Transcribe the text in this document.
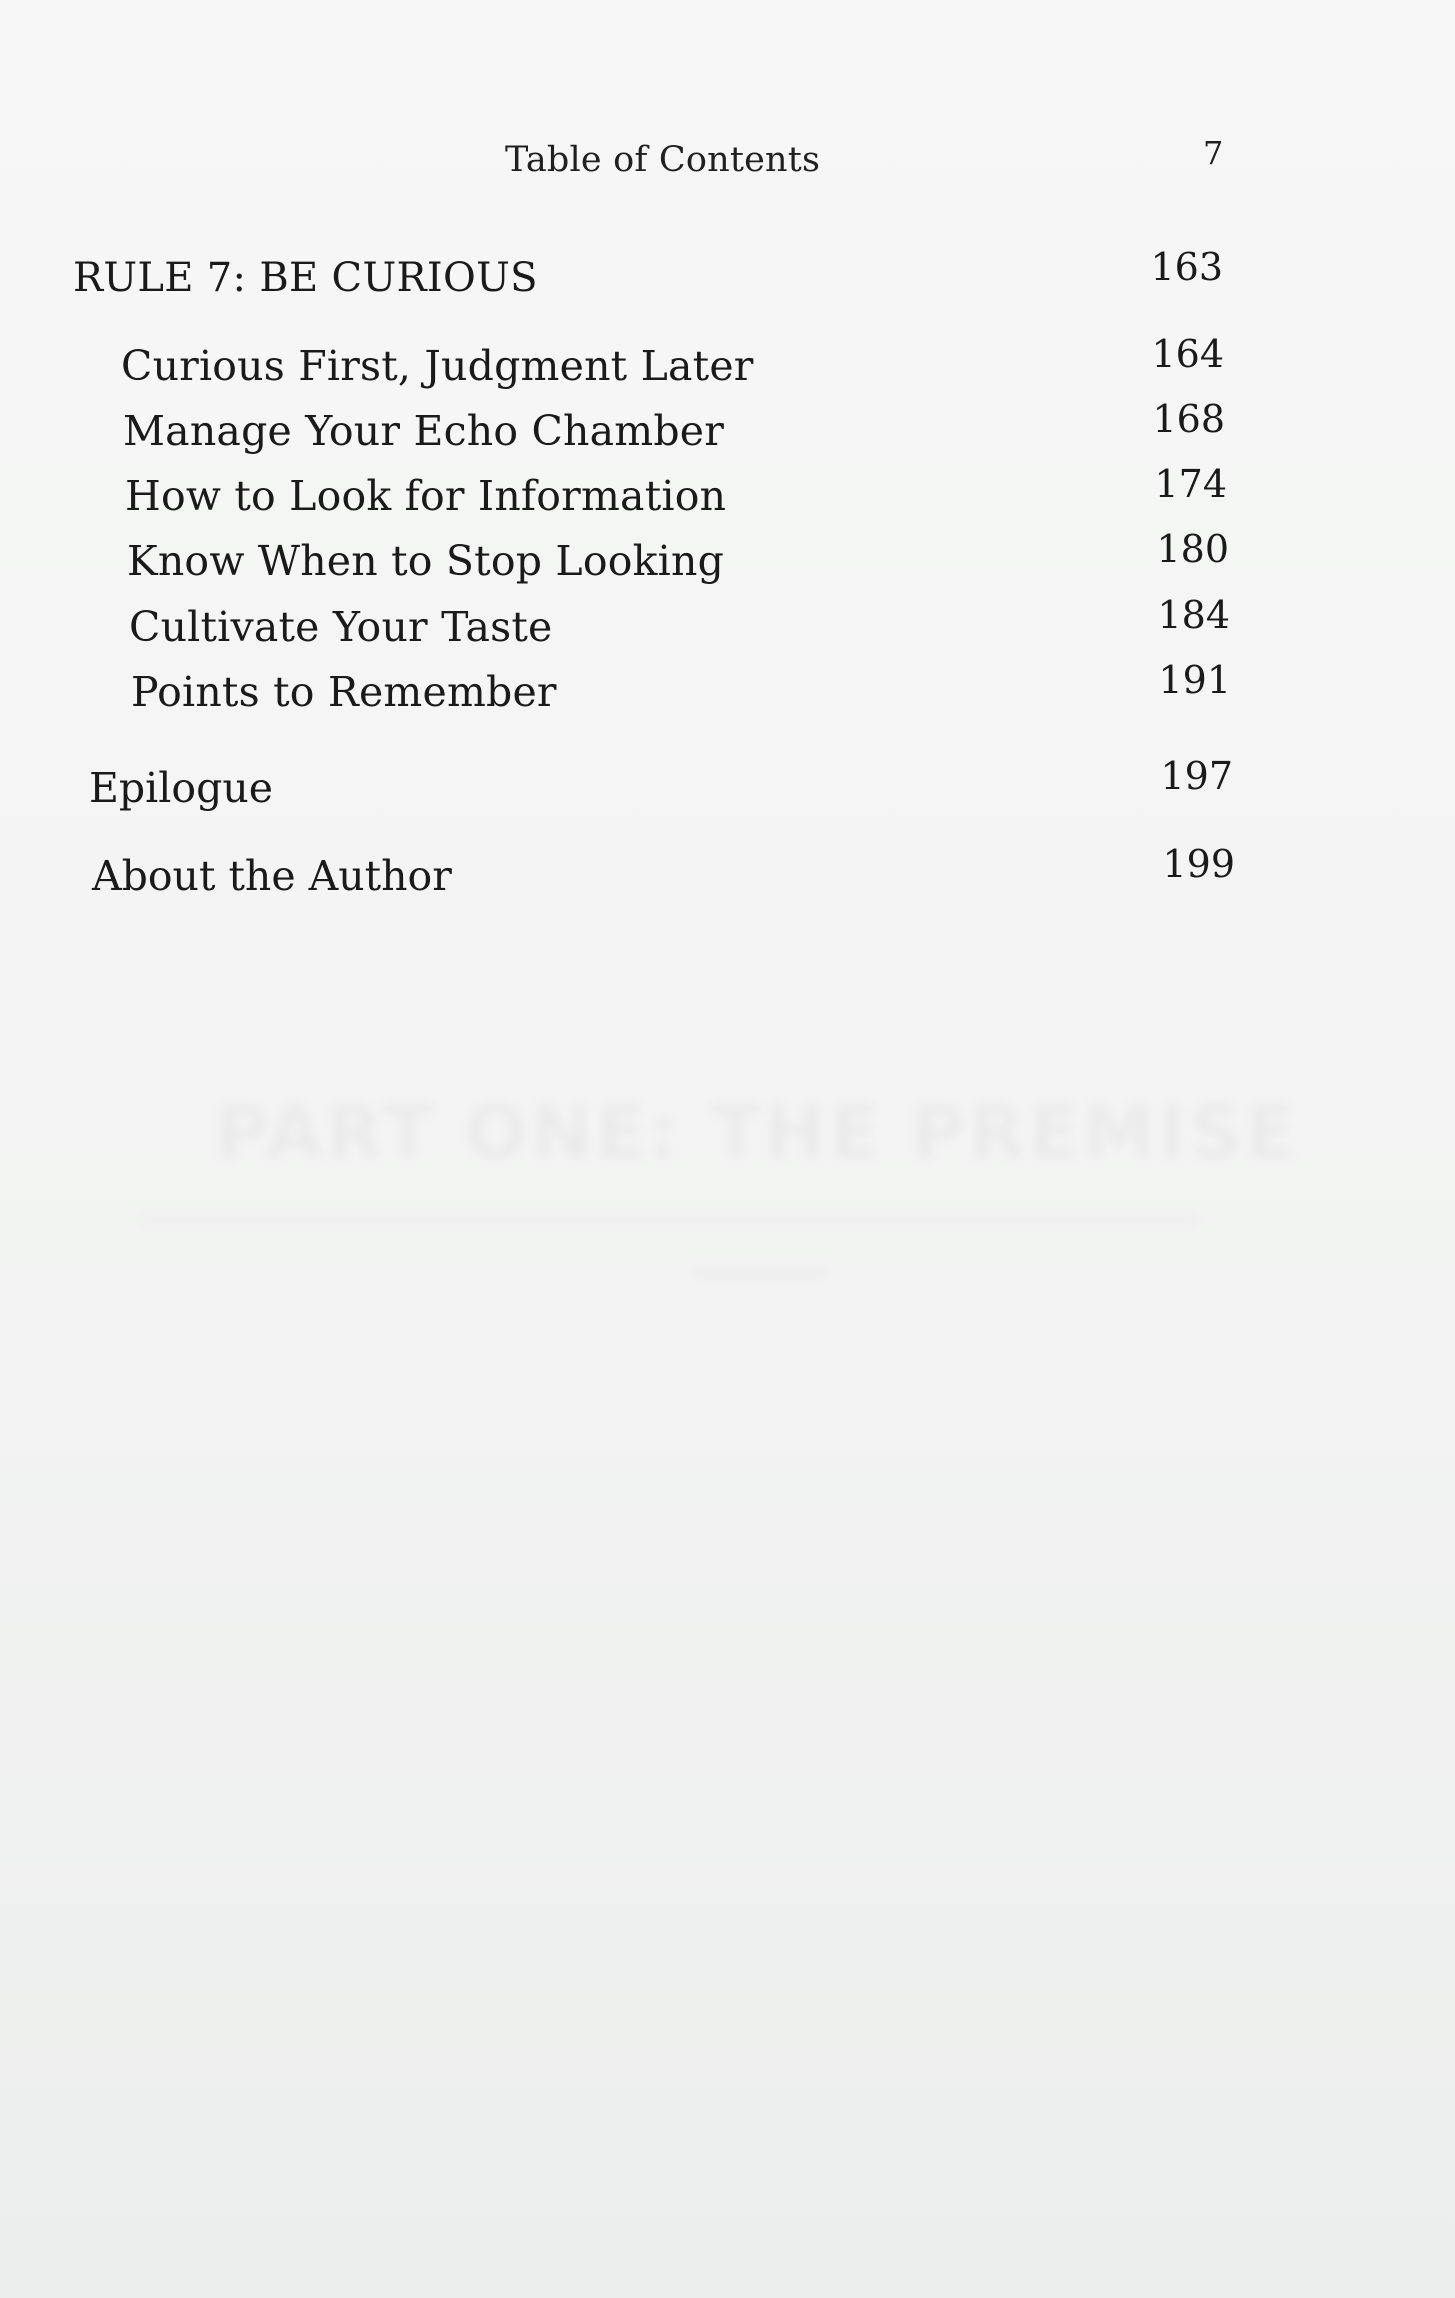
Table of Contents	7
RULE 7: BE CURIOUS	163
Curious First, Judgment Later	164
Manage Your Echo Chamber	168
How to Look for Information	174
Know When to Stop Looking	180
Cultivate Your Taste	184
Points to Remember	191
Epilogue	197
About the Author	199
